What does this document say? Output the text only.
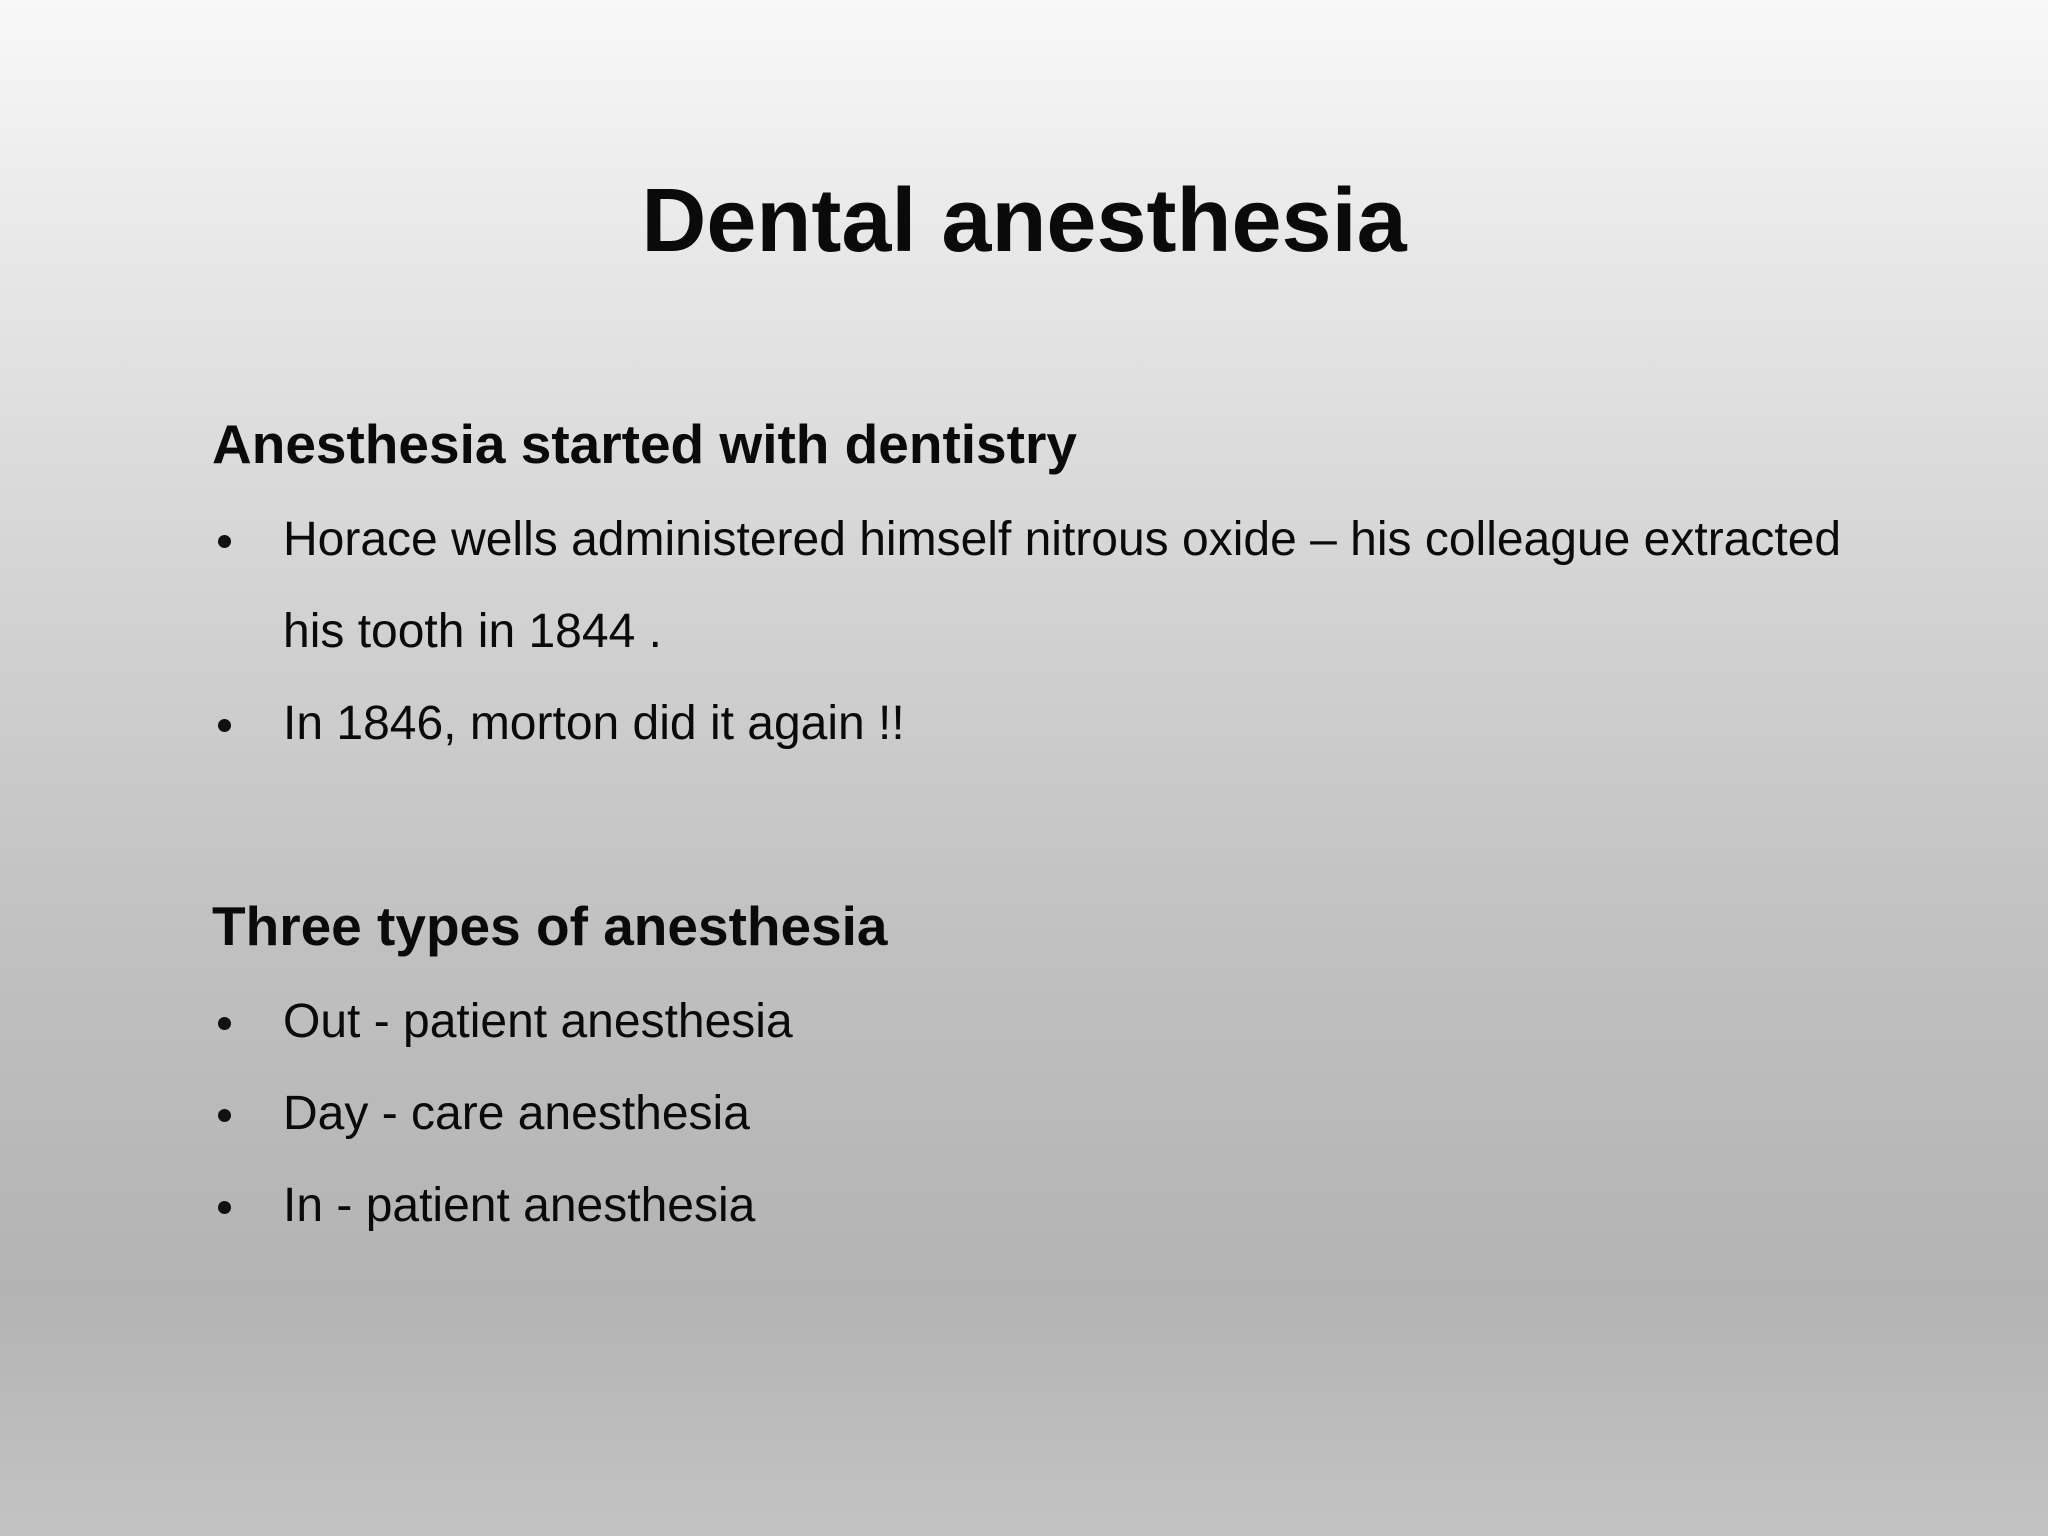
Dental anesthesia
Anesthesia started with dentistry
Horace wells administered himself nitrous oxide – his colleague extracted his tooth in 1844 .
In 1846, morton did it again !!
Three types of anesthesia
Out - patient anesthesia
Day - care anesthesia
In - patient anesthesia
